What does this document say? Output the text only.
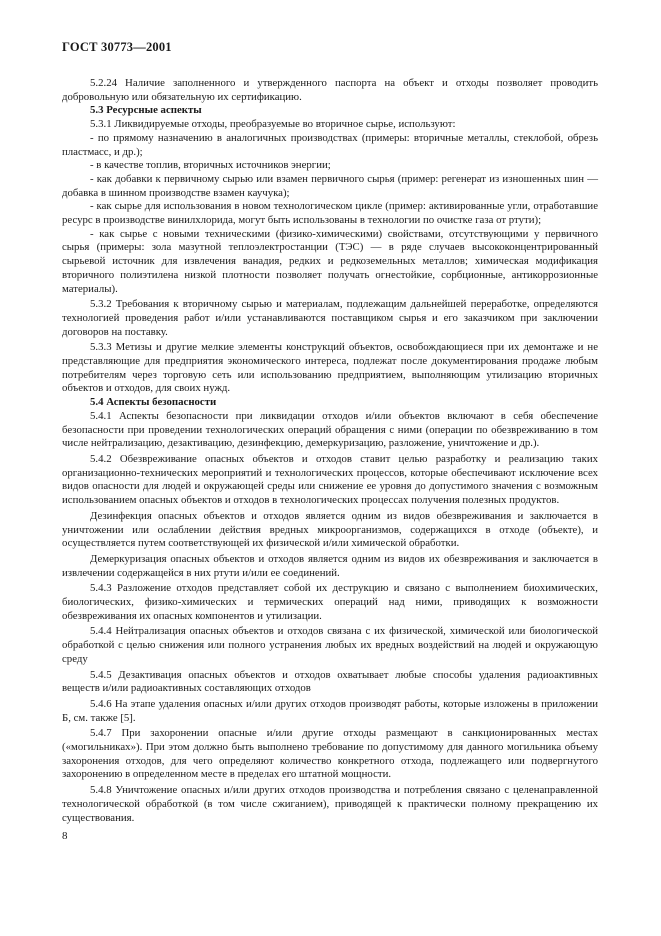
ГОСТ 30773—2001

5.2.24 Наличие заполненного и утвержденного паспорта на объект и отходы позволяет проводить добровольную или обязательную их сертификацию.

5.3 Ресурсные аспекты

5.3.1 Ликвидируемые отходы, преобразуемые во вторичное сырье, используют:

- по прямому назначению в аналогичных производствах (примеры: вторичные металлы, стеклобой, обрезь пластмасс, и др.);

- в качестве топлив, вторичных источников энергии;

- как добавки к первичному сырью или взамен первичного сырья (пример: регенерат из изношенных шин — добавка в шинном производстве взамен каучука);

- как сырье для использования в новом технологическом цикле (пример: активированные угли, отработавшие ресурс в производстве винилхлорида, могут быть использованы в технологии по очистке газа от ртути);

- как сырье с новыми техническими (физико-химическими) свойствами, отсутствующими у первичного сырья (примеры: зола мазутной теплоэлектростанции (ТЭС) — в ряде случаев высококонцентрированный сырьевой источник для извлечения ванадия, редких и редкоземельных металлов; химическая модификация вторичного полиэтилена низкой плотности позволяет получать огнестойкие, сорбционные, антикоррозионные материалы).

5.3.2 Требования к вторичному сырью и материалам, подлежащим дальнейшей переработке, определяются технологией проведения работ и/или устанавливаются поставщиком сырья и его заказчиком при заключении договоров на поставку.

5.3.3 Метизы и другие мелкие элементы конструкций объектов, освобождающиеся при их демонтаже и не представляющие для предприятия экономического интереса, подлежат после документирования продаже любым потребителям через торговую сеть или использованию предприятием, выполняющим утилизацию вторичных объектов и отходов, для своих нужд.

5.4 Аспекты безопасности

5.4.1 Аспекты безопасности при ликвидации отходов и/или объектов включают в себя обеспечение безопасности при проведении технологических операций обращения с ними (операции по обезвреживанию в том числе нейтрализацию, дезактивацию, дезинфекцию, демеркуризацию, разложение, уничтожение и др.).

5.4.2 Обезвреживание опасных объектов и отходов ставит целью разработку и реализацию таких организационно-технических мероприятий и технологических процессов, которые обеспечивают исключение всех видов опасности для людей и окружающей среды или снижение ее уровня до допустимого значения с возможным использованием опасных объектов и отходов в технологических процессах получения полезных продуктов.

Дезинфекция опасных объектов и отходов является одним из видов обезвреживания и заключается в уничтожении или ослаблении действия вредных микроорганизмов, содержащихся в отходе (объекте), и осуществляется путем соответствующей их физической и/или химической обработки.

Демеркуризация опасных объектов и отходов является одним из видов их обезвреживания и заключается в извлечении содержащейся в них ртути и/или ее соединений.

5.4.3 Разложение отходов представляет собой их деструкцию и связано с выполнением биохимических, биологических, физико-химических и термических операций над ними, приводящих к возможности обезвреживания их опасных компонентов и утилизации.

5.4.4 Нейтрализация опасных объектов и отходов связана с их физической, химической или биологической обработкой с целью снижения или полного устранения любых их вредных воздействий на людей и окружающую среду

5.4.5 Дезактивация опасных объектов и отходов охватывает любые способы удаления радиоактивных веществ и/или радиоактивных составляющих отходов

5.4.6 На этапе удаления опасных и/или других отходов производят работы, которые изложены в приложении Б, см. также [5].

5.4.7 При захоронении опасные и/или другие отходы размещают в санкционированных местах («могильниках»). При этом должно быть выполнено требование по допустимому для данного могильника объему захоронения отходов, для чего определяют количество конкретного отхода, подлежащего или подвергнутого захоронению в определенном месте в пределах его штатной мощности.

5.4.8 Уничтожение опасных и/или других отходов производства и потребления связано с целенаправленной технологической обработкой (в том числе сжиганием), приводящей к практически полному прекращению их существования.

8
